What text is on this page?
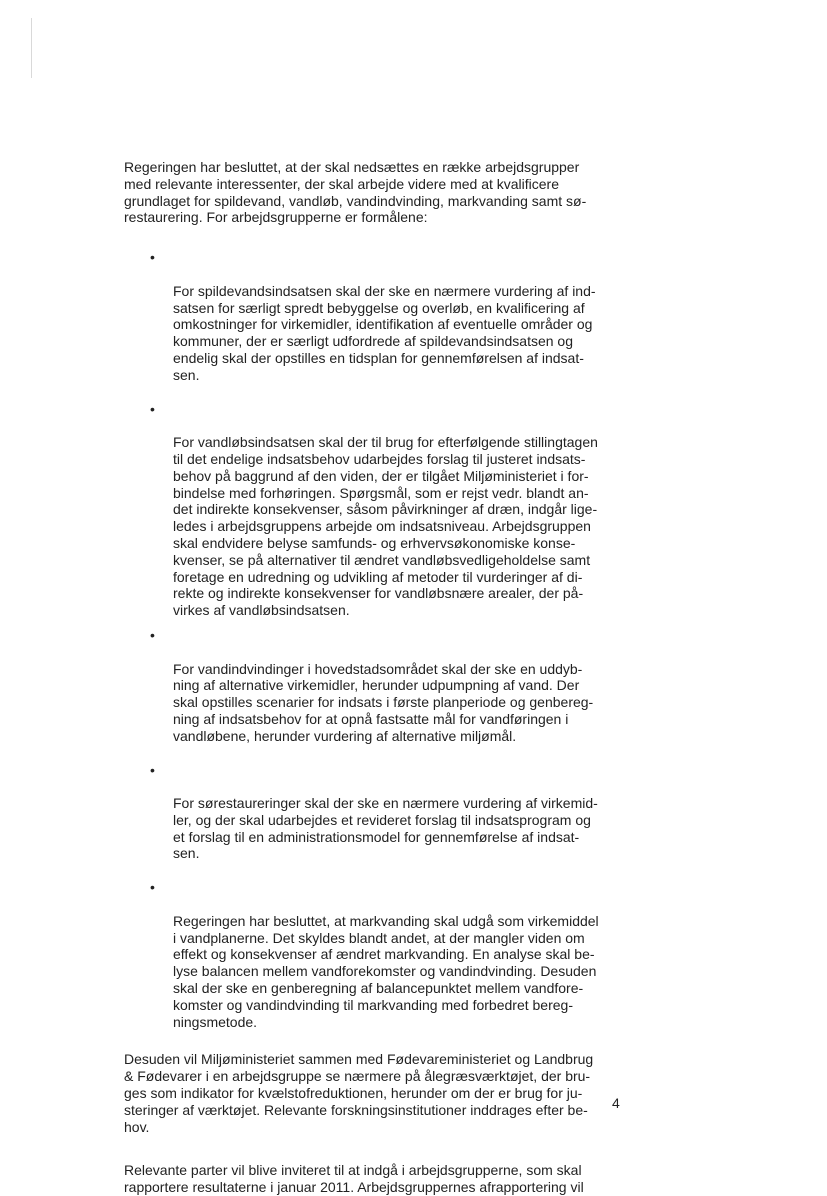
Regeringen har besluttet, at der skal nedsættes en række arbejdsgrupper
med relevante interessenter, der skal arbejde videre med at kvalificere
grundlaget for spildevand, vandløb, vandindvinding, markvanding samt sø-
restaurering. For arbejdsgrupperne er formålene:

•

For spildevandsindsatsen skal der ske en nærmere vurdering af ind-
satsen for særligt spredt bebyggelse og overløb, en kvalificering af
omkostninger for virkemidler, identifikation af eventuelle områder og
kommuner, der er særligt udfordrede af spildevandsindsatsen og
endelig skal der opstilles en tidsplan for gennemførelsen af indsat-
sen.

•

For vandløbsindsatsen skal der til brug for efterfølgende stillingtagen
til det endelige indsatsbehov udarbejdes forslag til justeret indsats-
behov på baggrund af den viden, der er tilgået Miljøministeriet i for-
bindelse med forhøringen. Spørgsmål, som er rejst vedr. blandt an-
det indirekte konsekvenser, såsom påvirkninger af dræn, indgår lige-
ledes i arbejdsgruppens arbejde om indsatsniveau. Arbejdsgruppen
skal endvidere belyse samfunds- og erhvervsøkonomiske konse-
kvenser, se på alternativer til ændret vandløbsvedligeholdelse samt
foretage en udredning og udvikling af metoder til vurderinger af di-
rekte og indirekte konsekvenser for vandløbsnære arealer, der på-
virkes af vandløbsindsatsen.

•

For vandindvindinger i hovedstadsområdet skal der ske en uddyb-
ning af alternative virkemidler, herunder udpumpning af vand. Der
skal opstilles scenarier for indsats i første planperiode og genbereg-
ning af indsatsbehov for at opnå fastsatte mål for vandføringen i
vandløbene, herunder vurdering af alternative miljømål.

•

For sørestaureringer skal der ske en nærmere vurdering af virkemid-
ler, og der skal udarbejdes et revideret forslag til indsatsprogram og
et forslag til en administrationsmodel for gennemførelse af indsat-
sen.

•

Regeringen har besluttet, at markvanding skal udgå som virkemiddel
i vandplanerne. Det skyldes blandt andet, at der mangler viden om
effekt og konsekvenser af ændret markvanding. En analyse skal be-
lyse balancen mellem vandforekomster og vandindvinding. Desuden
skal der ske en genberegning af balancepunktet mellem vandfore-
komster og vandindvinding til markvanding med forbedret bereg-
ningsmetode.

Desuden vil Miljøministeriet sammen med Fødevareministeriet og Landbrug
& Fødevarer i en arbejdsgruppe se nærmere på ålegræsværktøjet, der bru-
ges som indikator for kvælstofreduktionen, herunder om der er brug for ju-
steringer af værktøjet. Relevante forskningsinstitutioner inddrages efter be-
hov.

Relevante parter vil blive inviteret til at indgå i arbejdsgrupperne, som skal
rapportere resultaterne i januar 2011. Arbejdsgruppernes afrapportering vil

4
